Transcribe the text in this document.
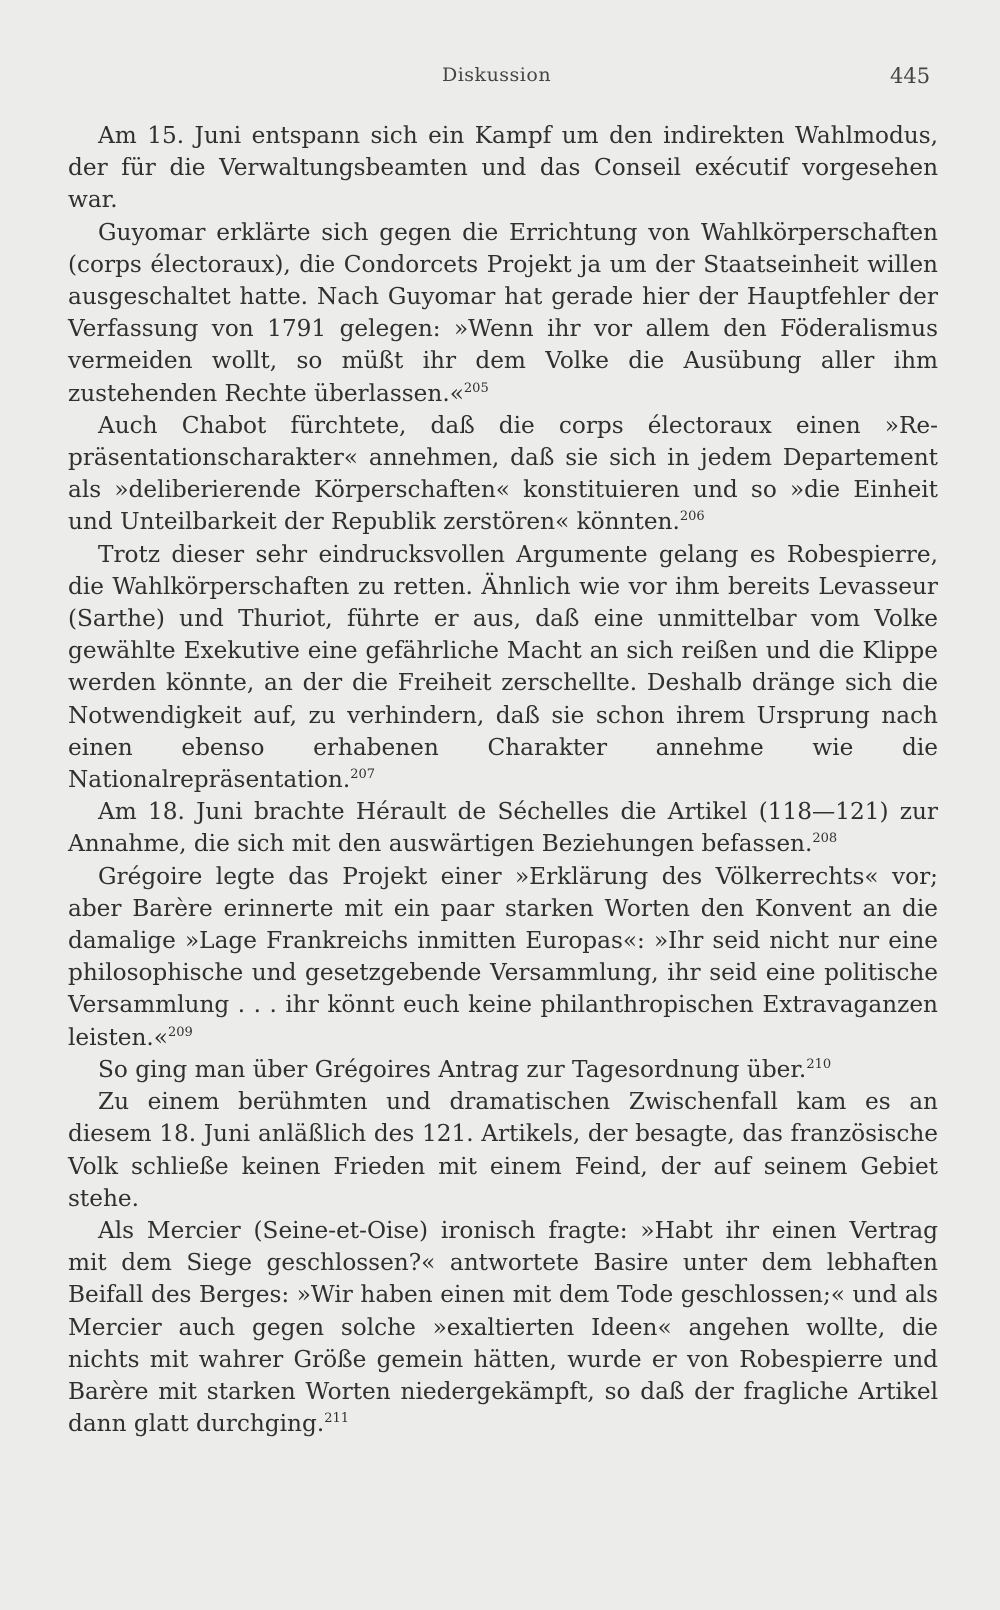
Diskussion	445

Am 15. Juni entspann sich ein Kampf um den indirekten Wahlmodus, der für die Verwaltungsbeamten und das Conseil exécutif vorgesehen war.

Guyomar erklärte sich gegen die Errichtung von Wahlkörperschaften (corps électoraux), die Condorcets Projekt ja um der Staatseinheit willen ausgeschaltet hatte. Nach Guyomar hat gerade hier der Hauptfehler der Verfassung von 1791 gelegen: »Wenn ihr vor allem den Föderalismus vermeiden wollt, so müßt ihr dem Volke die Ausübung aller ihm zustehenden Rechte überlassen.«$^{205}$

Auch Chabot fürchtete, daß die corps électoraux einen »Repräsentationscharakter« annehmen, daß sie sich in jedem Departement als »deliberierende Körperschaften« konstituieren und so »die Einheit und Unteilbarkeit der Republik zerstören« könnten.$^{206}$

Trotz dieser sehr eindrucksvollen Argumente gelang es Robespierre, die Wahlkörperschaften zu retten. Ähnlich wie vor ihm bereits Levasseur (Sarthe) und Thuriot, führte er aus, daß eine unmittelbar vom Volke gewählte Exekutive eine gefährliche Macht an sich reißen und die Klippe werden könnte, an der die Freiheit zerschellte. Deshalb dränge sich die Notwendigkeit auf, zu verhindern, daß sie schon ihrem Ursprung nach einen ebenso erhabenen Charakter annehme wie die Nationalrepräsentation.$^{207}$

Am 18. Juni brachte Hérault de Séchelles die Artikel (118—121) zur Annahme, die sich mit den auswärtigen Beziehungen befassen.$^{208}$

Grégoire legte das Projekt einer »Erklärung des Völkerrechts« vor; aber Barère erinnerte mit ein paar starken Worten den Konvent an die damalige »Lage Frankreichs inmitten Europas«: »Ihr seid nicht nur eine philosophische und gesetzgebende Versammlung, ihr seid eine politische Versammlung . . . ihr könnt euch keine philanthropischen Extravaganzen leisten.«$^{209}$

So ging man über Grégoires Antrag zur Tagesordnung über.$^{210}$

Zu einem berühmten und dramatischen Zwischenfall kam es an diesem 18. Juni anläßlich des 121. Artikels, der besagte, das französische Volk schließe keinen Frieden mit einem Feind, der auf seinem Gebiet stehe.

Als Mercier (Seine-et-Oise) ironisch fragte: »Habt ihr einen Vertrag mit dem Siege geschlossen?« antwortete Basire unter dem lebhaften Beifall des Berges: »Wir haben einen mit dem Tode geschlossen;« und als Mercier auch gegen solche »exaltierten Ideen« angehen wollte, die nichts mit wahrer Größe gemein hätten, wurde er von Robespierre und Barère mit starken Worten niedergekämpft, so daß der fragliche Artikel dann glatt durchging.$^{211}$
